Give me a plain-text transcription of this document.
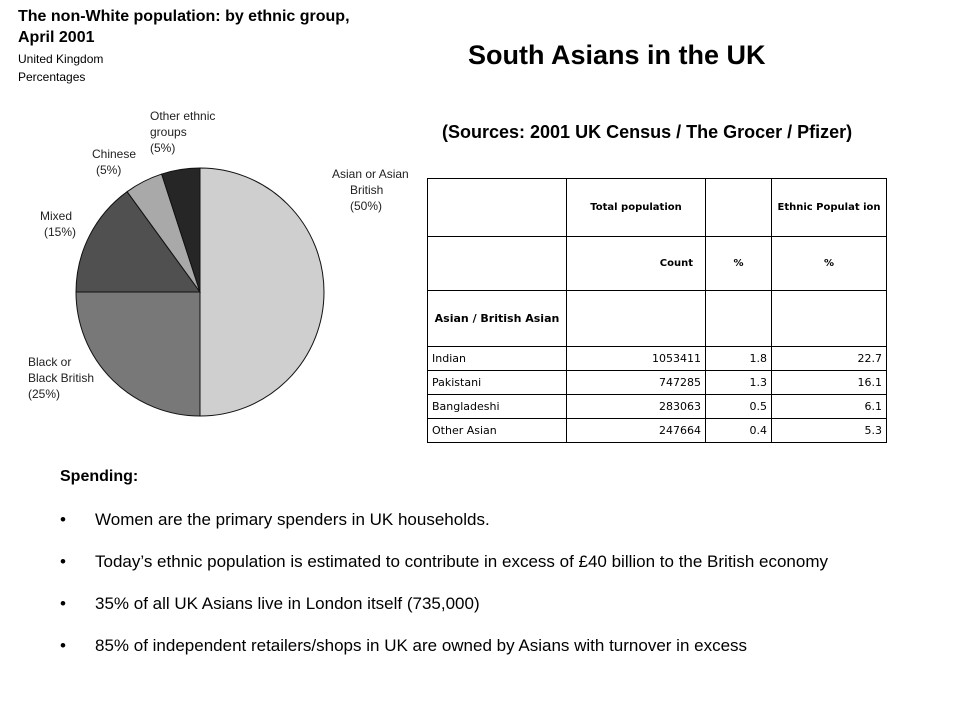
The non-White population: by ethnic group,

April 2001

United Kingdom

Percentages

Asian or Asian British (50%)
Black or Black British (25%)
Mixed (15%)
Chinese (5%)
Other ethnic groups (5%)
South Asians in the UK

(Sources: 2001 UK Census / The Grocer / Pfizer)

	Total population		Ethnic Populat ion

	Count	%	%
Asian / British Asian			
Indian	1053411	1.8	22.7
Pakistani	747285	1.3	16.1
Bangladeshi	283063	0.5	6.1
Other Asian	247664	0.4	5.3

Spending:

• Women are the primary spenders in UK households.
• Today’s ethnic population is estimated to contribute in excess of £40 billion to the British economy
• 35% of all UK Asians live in London itself (735,000)
• 85% of independent retailers/shops in UK are owned by Asians with turnover in excess
